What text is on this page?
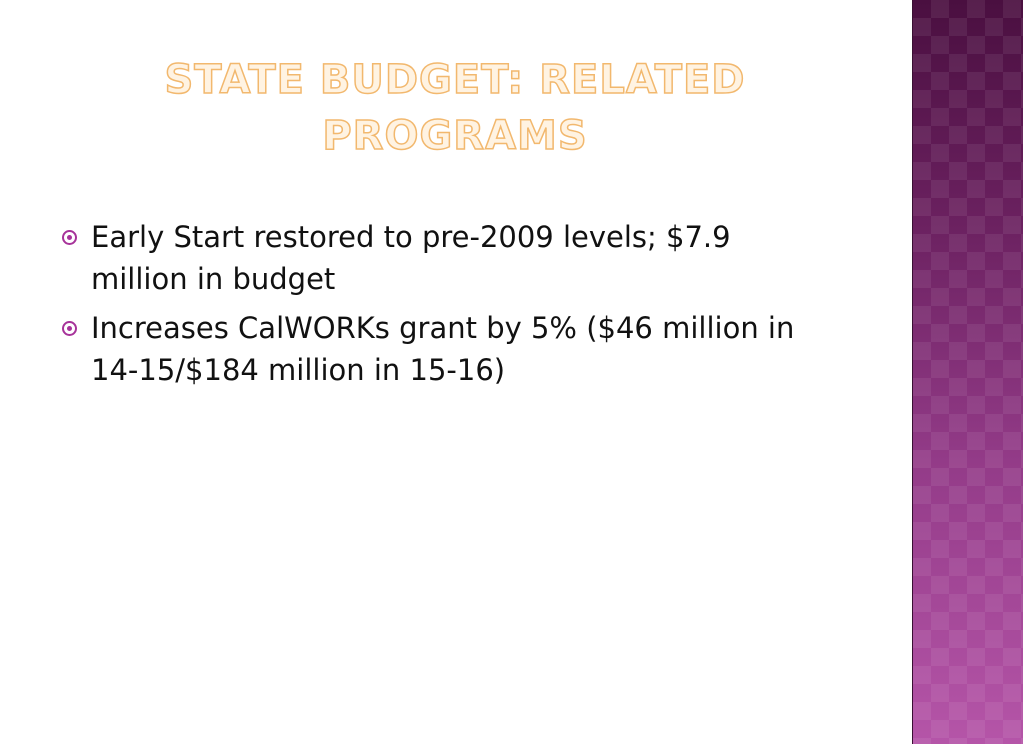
STATE BUDGET: RELATED PROGRAMS
Early Start restored to pre-2009 levels; $7.9 million in budget
Increases CalWORKs grant by 5% ($46 million in 14-15/$184 million in 15-16)
